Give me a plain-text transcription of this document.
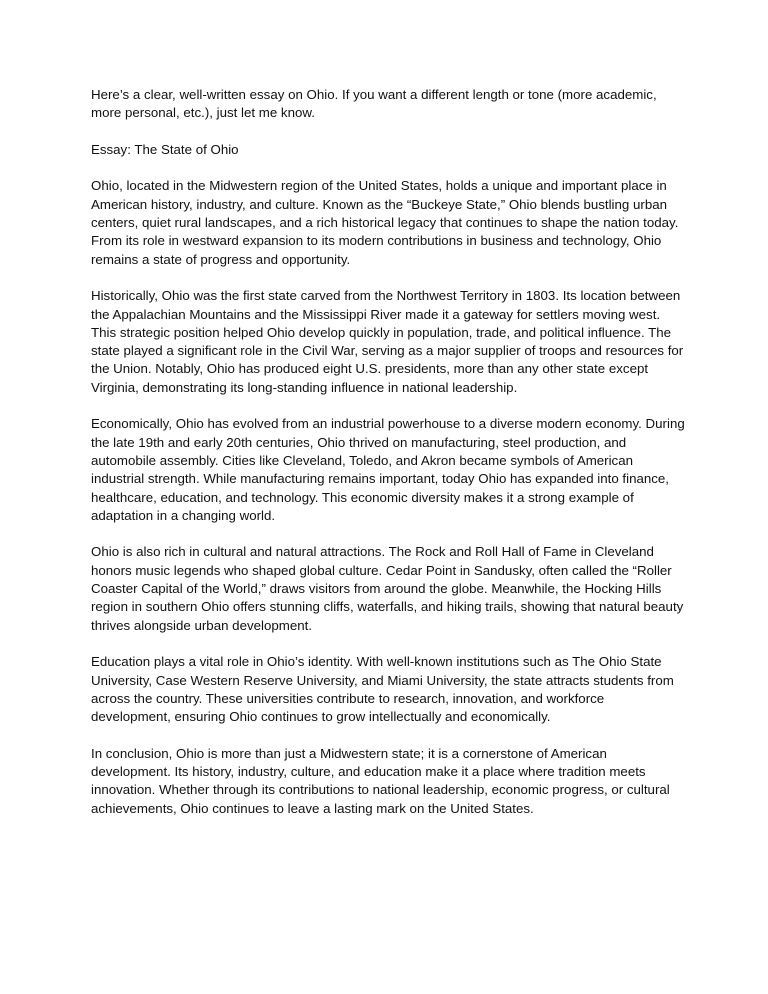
Here’s a clear, well-written essay on Ohio. If you want a different length or tone (more academic, more personal, etc.), just let me know.

Essay: The State of Ohio

Ohio, located in the Midwestern region of the United States, holds a unique and important place in American history, industry, and culture. Known as the “Buckeye State,” Ohio blends bustling urban centers, quiet rural landscapes, and a rich historical legacy that continues to shape the nation today. From its role in westward expansion to its modern contributions in business and technology, Ohio remains a state of progress and opportunity.

Historically, Ohio was the first state carved from the Northwest Territory in 1803. Its location between the Appalachian Mountains and the Mississippi River made it a gateway for settlers moving west. This strategic position helped Ohio develop quickly in population, trade, and political influence. The state played a significant role in the Civil War, serving as a major supplier of troops and resources for the Union. Notably, Ohio has produced eight U.S. presidents, more than any other state except Virginia, demonstrating its long-standing influence in national leadership.

Economically, Ohio has evolved from an industrial powerhouse to a diverse modern economy. During the late 19th and early 20th centuries, Ohio thrived on manufacturing, steel production, and automobile assembly. Cities like Cleveland, Toledo, and Akron became symbols of American industrial strength. While manufacturing remains important, today Ohio has expanded into finance, healthcare, education, and technology. This economic diversity makes it a strong example of adaptation in a changing world.

Ohio is also rich in cultural and natural attractions. The Rock and Roll Hall of Fame in Cleveland honors music legends who shaped global culture. Cedar Point in Sandusky, often called the “Roller Coaster Capital of the World,” draws visitors from around the globe. Meanwhile, the Hocking Hills region in southern Ohio offers stunning cliffs, waterfalls, and hiking trails, showing that natural beauty thrives alongside urban development.

Education plays a vital role in Ohio’s identity. With well-known institutions such as The Ohio State University, Case Western Reserve University, and Miami University, the state attracts students from across the country. These universities contribute to research, innovation, and workforce development, ensuring Ohio continues to grow intellectually and economically.

In conclusion, Ohio is more than just a Midwestern state; it is a cornerstone of American development. Its history, industry, culture, and education make it a place where tradition meets innovation. Whether through its contributions to national leadership, economic progress, or cultural achievements, Ohio continues to leave a lasting mark on the United States.
